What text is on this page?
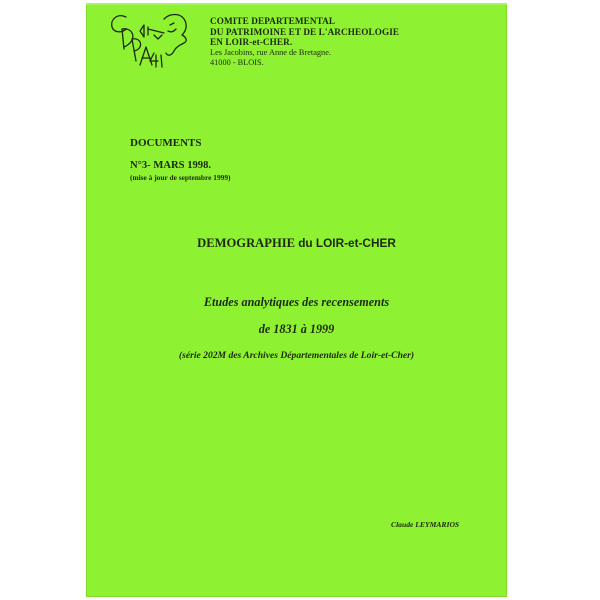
COMITE DEPARTEMENTAL
DU PATRIMOINE ET DE L'ARCHEOLOGIE
EN LOIR-et-CHER.
Les Jacobins, rue Anne de Bretagne.
41000 - BLOIS.
DOCUMENTS
N°3- MARS 1998.
(mise à jour de septembre 1999)
DEMOGRAPHIE du LOIR-et-CHER
Etudes analytiques des recensements
de 1831 à 1999
(série 202M des Archives Départementales de Loir-et-Cher)
Claude LEYMARIOS
